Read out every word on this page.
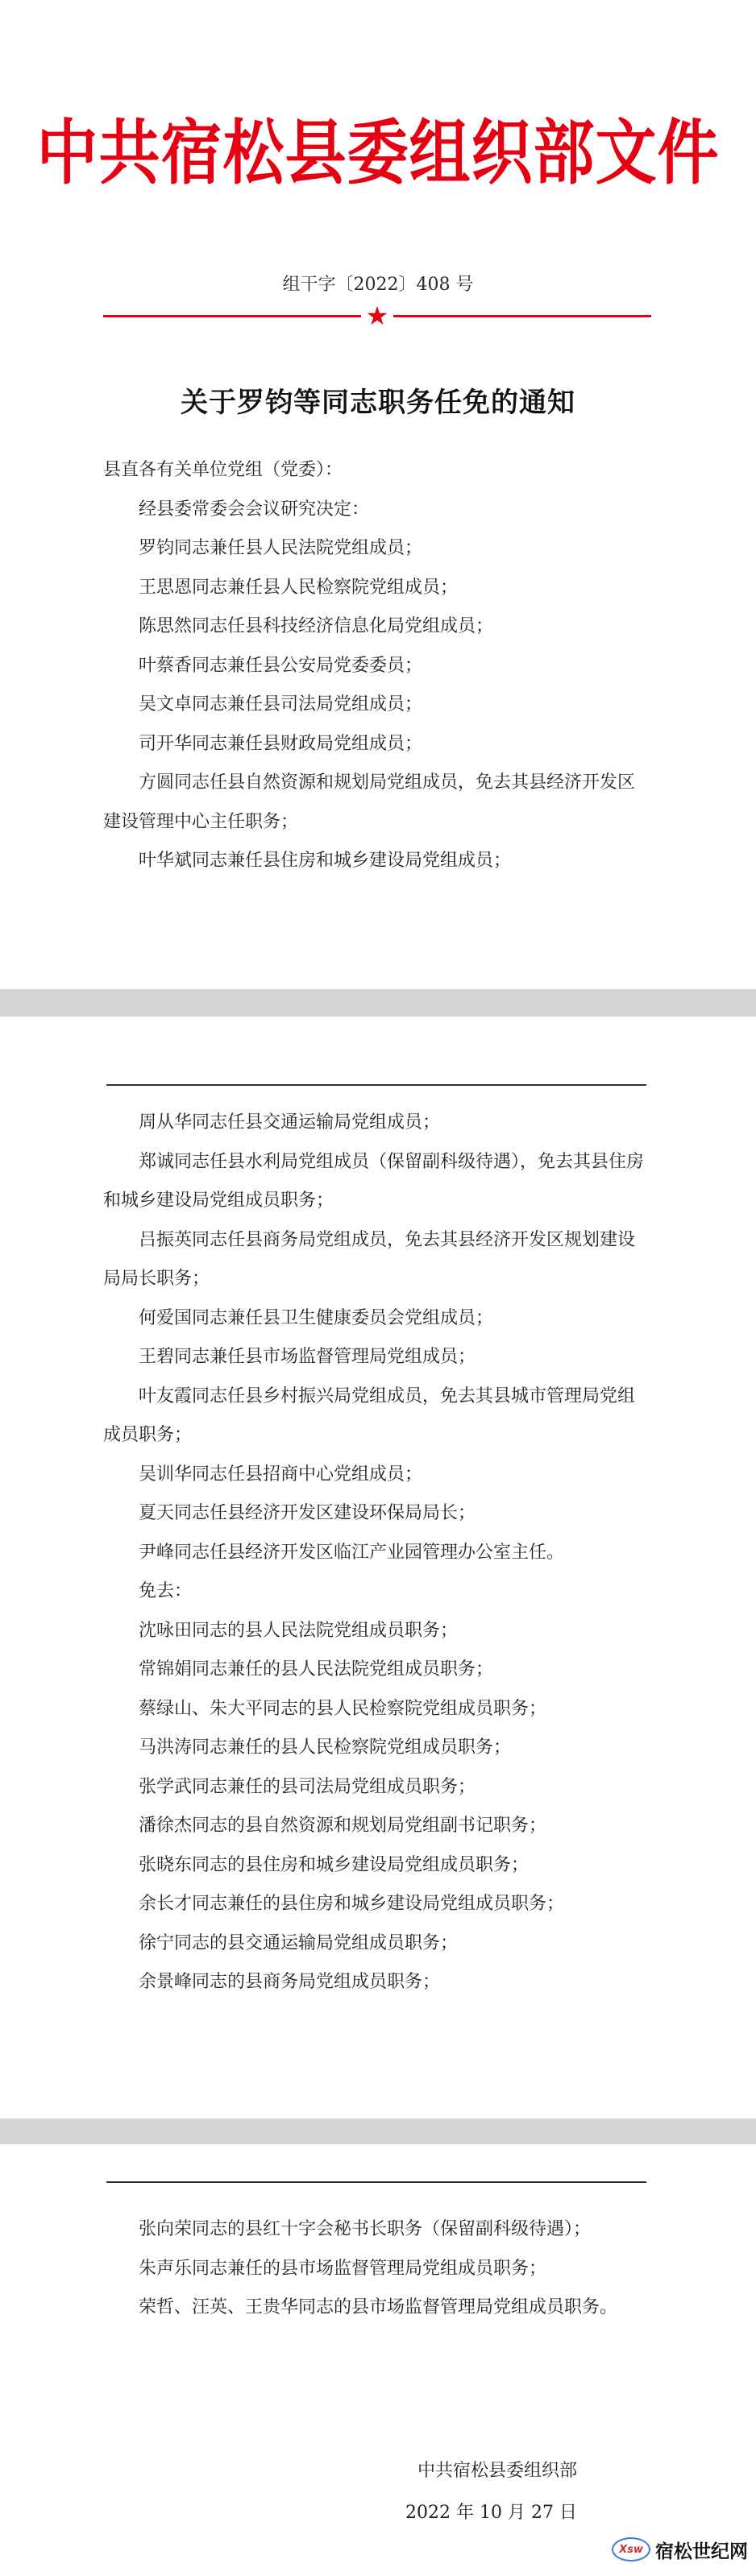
中共宿松县委组织部文件
组干字〔2022〕408 号
★
关于罗钧等同志职务任免的通知

县直各有关单位党组（党委）：

经县委常委会会议研究决定：

罗钧同志兼任县人民法院党组成员；

王思恩同志兼任县人民检察院党组成员；

陈思然同志任县科技经济信息化局党组成员；

叶蔡香同志兼任县公安局党委委员；

吴文卓同志兼任县司法局党组成员；

司开华同志兼任县财政局党组成员；

方圆同志任县自然资源和规划局党组成员，免去其县经济开发区建设管理中心主任职务；

叶华斌同志兼任县住房和城乡建设局党组成员；

周从华同志任县交通运输局党组成员；

郑诚同志任县水利局党组成员（保留副科级待遇），免去其县住房和城乡建设局党组成员职务；

吕振英同志任县商务局党组成员，免去其县经济开发区规划建设局局长职务；

何爱国同志兼任县卫生健康委员会党组成员；

王碧同志兼任县市场监督管理局党组成员；

叶友霞同志任县乡村振兴局党组成员，免去其县城市管理局党组成员职务；

吴训华同志任县招商中心党组成员；

夏天同志任县经济开发区建设环保局局长；

尹峰同志任县经济开发区临江产业园管理办公室主任。

免去：

沈咏田同志的县人民法院党组成员职务；

常锦娟同志兼任的县人民法院党组成员职务；

蔡绿山、朱大平同志的县人民检察院党组成员职务；

马洪涛同志兼任的县人民检察院党组成员职务；

张学武同志兼任的县司法局党组成员职务；

潘徐杰同志的县自然资源和规划局党组副书记职务；

张晓东同志的县住房和城乡建设局党组成员职务；

余长才同志兼任的县住房和城乡建设局党组成员职务；

徐宁同志的县交通运输局党组成员职务；

余景峰同志的县商务局党组成员职务；

张向荣同志的县红十字会秘书长职务（保留副科级待遇）；

朱声乐同志兼任的县市场监督管理局党组成员职务；

荣哲、汪英、王贵华同志的县市场监督管理局党组成员职务。

中共宿松县委组织部
2022 年 10 月 27 日
Xsw 宿松世纪网
